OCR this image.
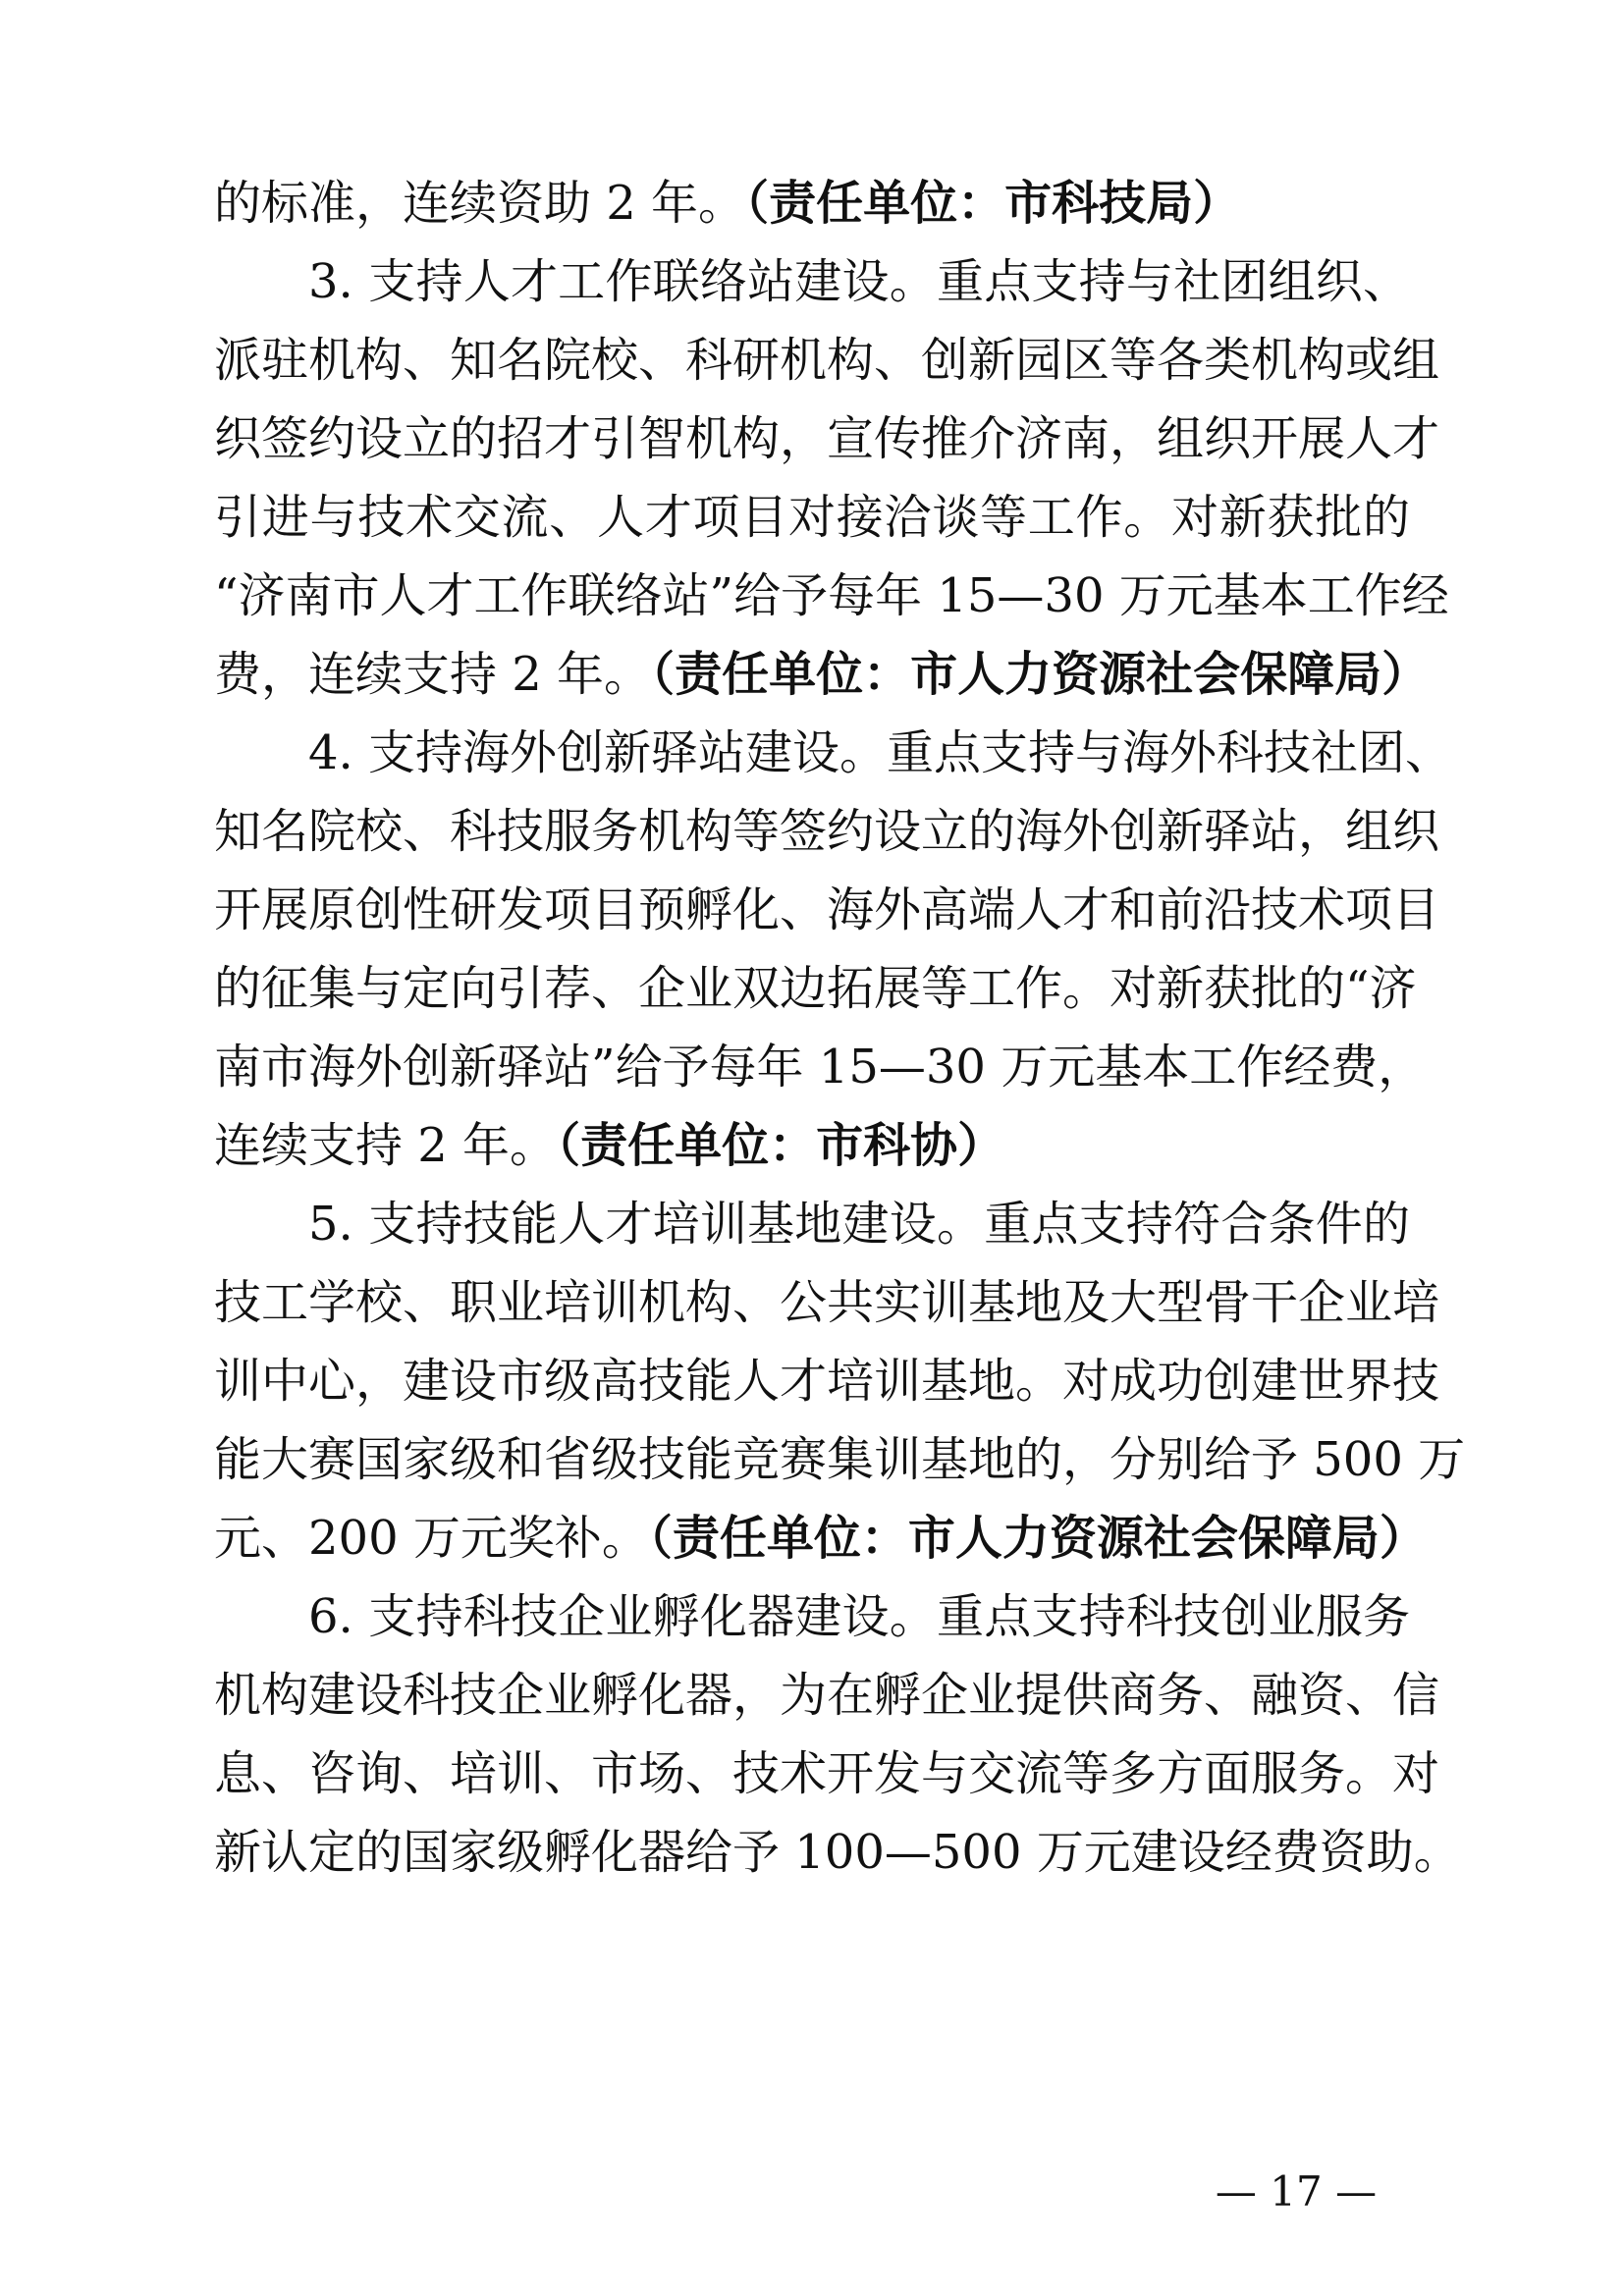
的标准，连续资助 2 年。（责任单位：市科技局）
3. 支持人才工作联络站建设。重点支持与社团组织、
派驻机构、知名院校、科研机构、创新园区等各类机构或组
织签约设立的招才引智机构，宣传推介济南，组织开展人才
引进与技术交流、人才项目对接洽谈等工作。对新获批的
“济南市人才工作联络站”给予每年 15—30 万元基本工作经
费，连续支持 2 年。（责任单位：市人力资源社会保障局）
4. 支持海外创新驿站建设。重点支持与海外科技社团、
知名院校、科技服务机构等签约设立的海外创新驿站，组织
开展原创性研发项目预孵化、海外高端人才和前沿技术项目
的征集与定向引荐、企业双边拓展等工作。对新获批的“济
南市海外创新驿站”给予每年 15—30 万元基本工作经费，
连续支持 2 年。（责任单位：市科协）
5. 支持技能人才培训基地建设。重点支持符合条件的
技工学校、职业培训机构、公共实训基地及大型骨干企业培
训中心，建设市级高技能人才培训基地。对成功创建世界技
能大赛国家级和省级技能竞赛集训基地的，分别给予 500 万
元、200 万元奖补。（责任单位：市人力资源社会保障局）
6. 支持科技企业孵化器建设。重点支持科技创业服务
机构建设科技企业孵化器，为在孵企业提供商务、融资、信
息、咨询、培训、市场、技术开发与交流等多方面服务。对
新认定的国家级孵化器给予 100—500 万元建设经费资助。
— 17 —
